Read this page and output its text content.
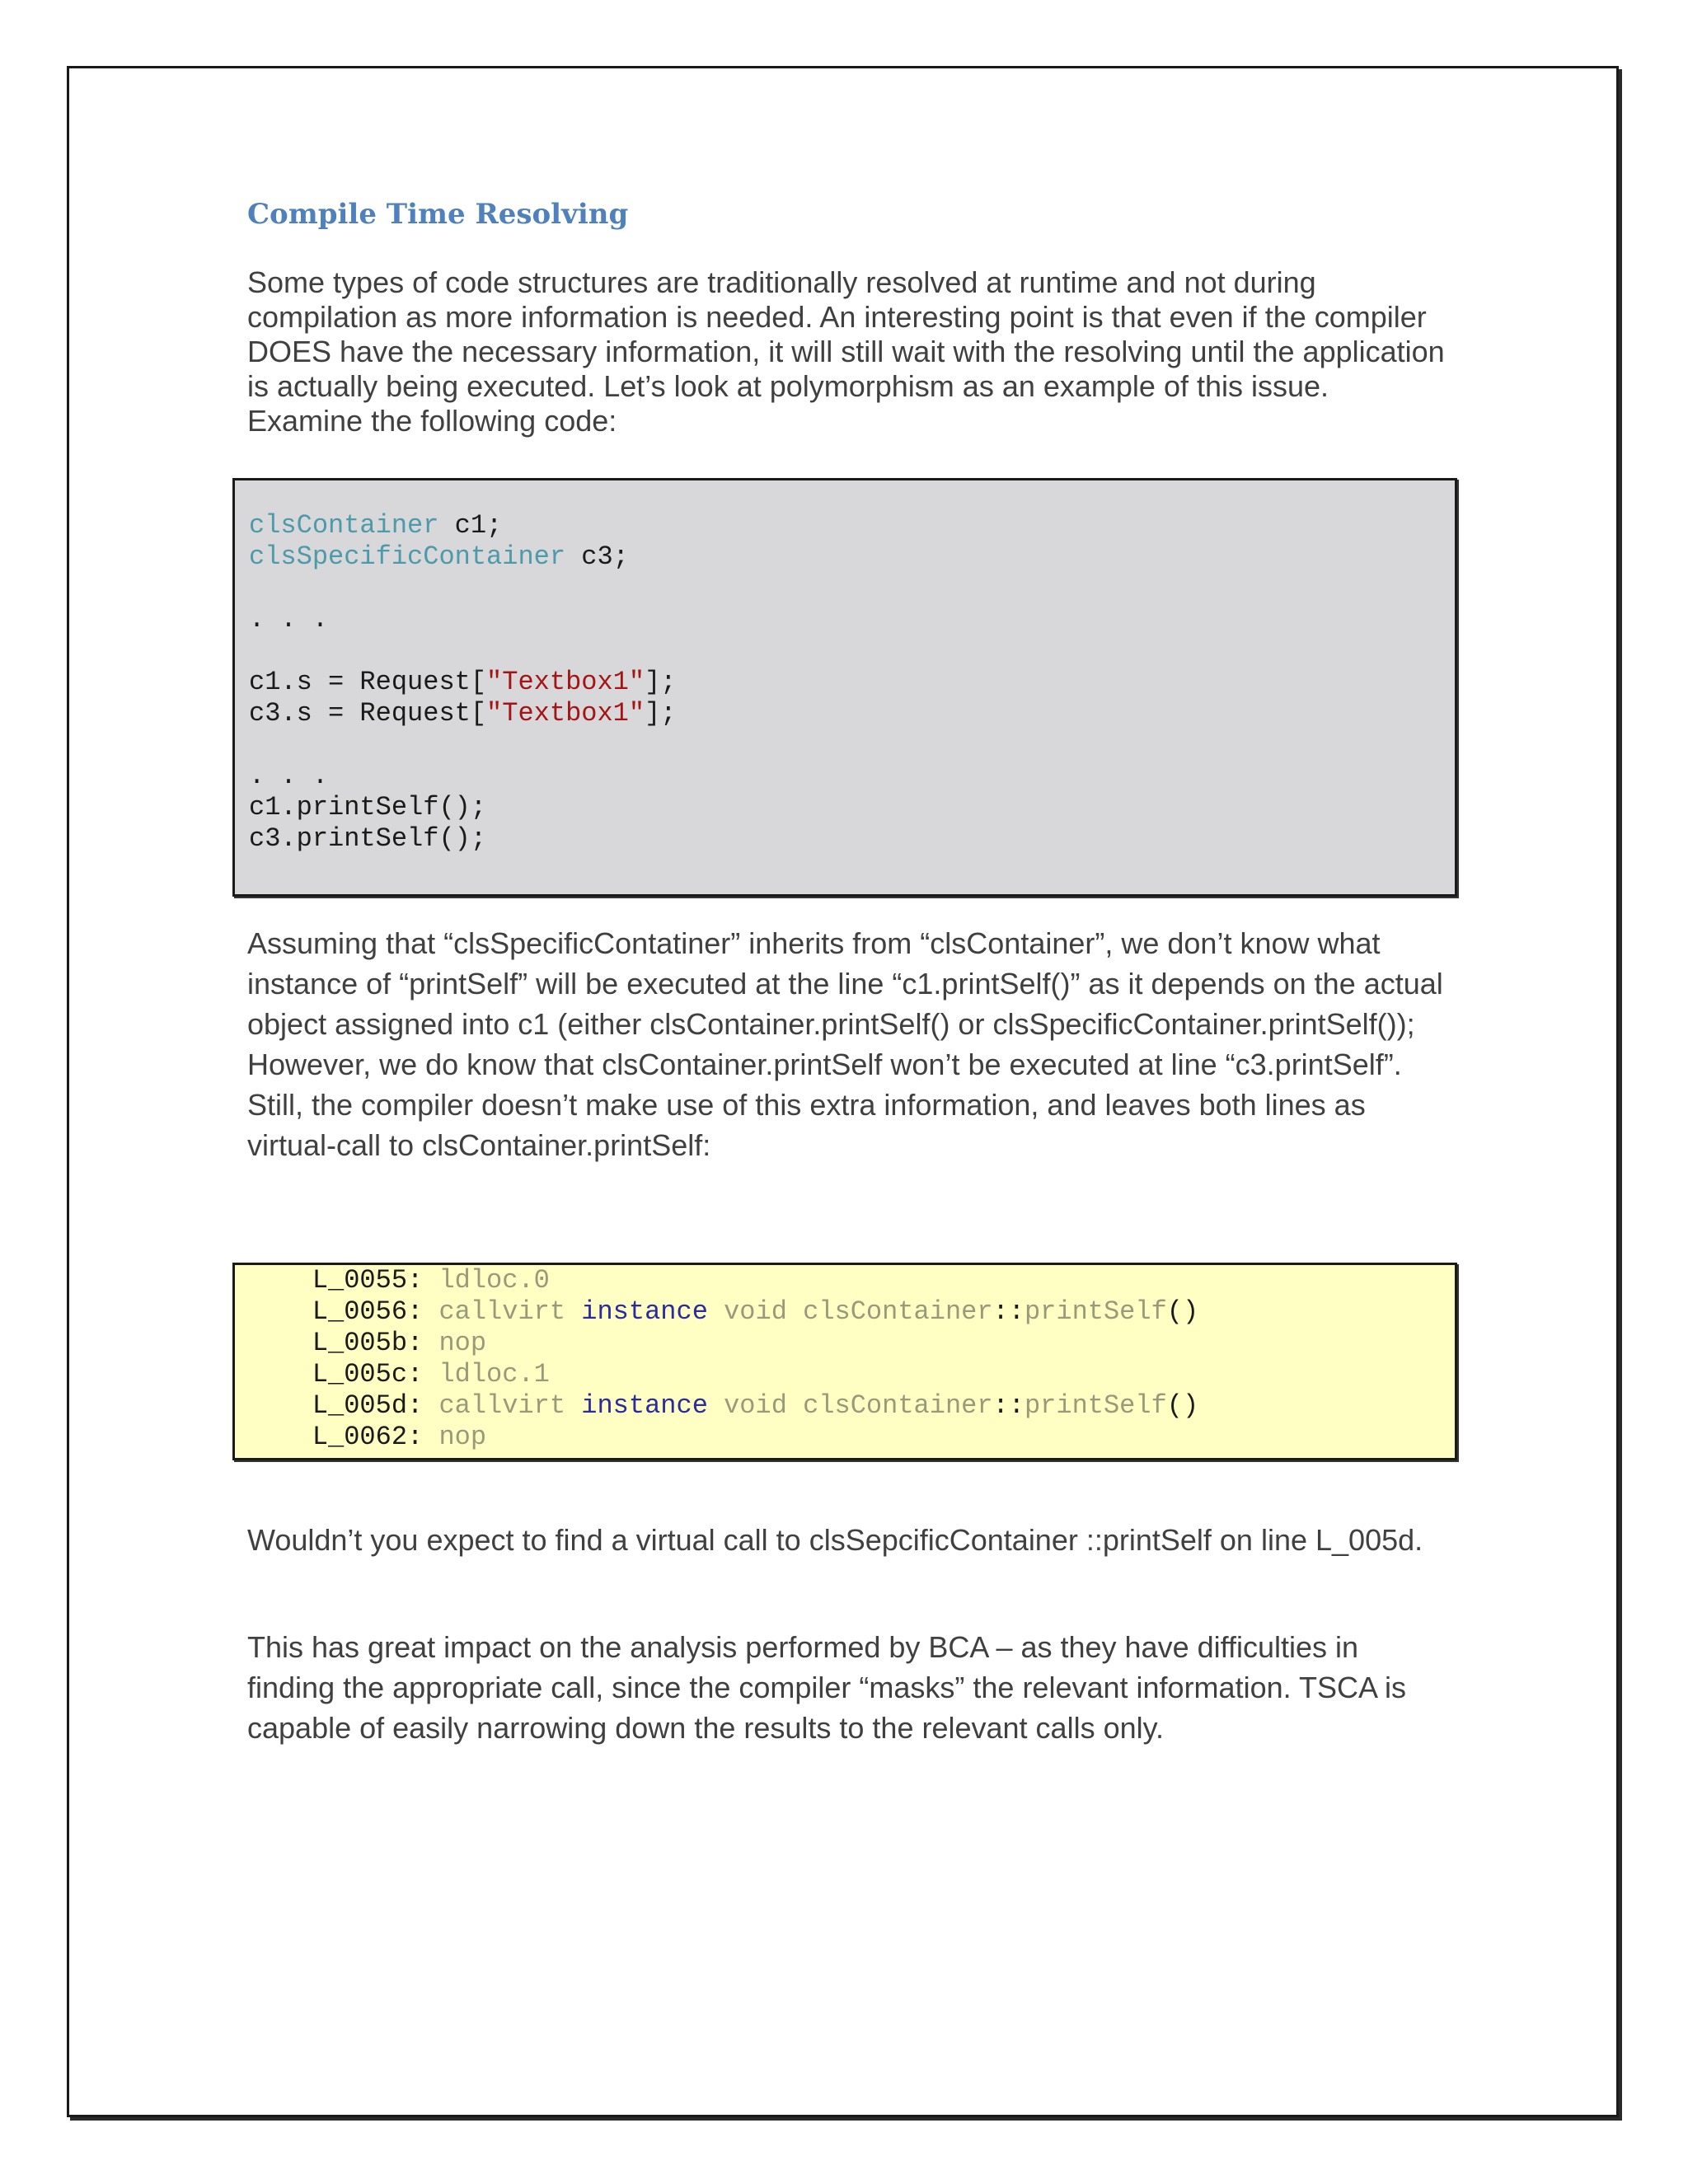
Compile Time Resolving

Some types of code structures are traditionally resolved at runtime and not during compilation as more information is needed. An interesting point is that even if the compiler DOES have the necessary information, it will still wait with the resolving until the application is actually being executed. Let’s look at polymorphism as an example of this issue. Examine the following code:

clsContainer c1;
clsSpecificContainer c3;
. . .
c1.s = Request["Textbox1"];
c3.s = Request["Textbox1"];
. . .
c1.printSelf();
c3.printSelf();

Assuming that “clsSpecificContatiner” inherits from “clsContainer”, we don’t know what instance of “printSelf” will be executed at the line “c1.printSelf()” as it depends on the actual object assigned into c1 (either clsContainer.printSelf() or clsSpecificContainer.printSelf()); However, we do know that clsContainer.printSelf won’t be executed at line “c3.printSelf”. Still, the compiler doesn’t make use of this extra information, and leaves both lines as virtual-call to clsContainer.printSelf:

L_0055: ldloc.0
L_0056: callvirt instance void clsContainer::printSelf()
L_005b: nop
L_005c: ldloc.1
L_005d: callvirt instance void clsContainer::printSelf()
L_0062: nop

Wouldn’t you expect to find a virtual call to clsSepcificContainer ::printSelf on line L_005d.

This has great impact on the analysis performed by BCA – as they have difficulties in finding the appropriate call, since the compiler “masks” the relevant information. TSCA is capable of easily narrowing down the results to the relevant calls only.
